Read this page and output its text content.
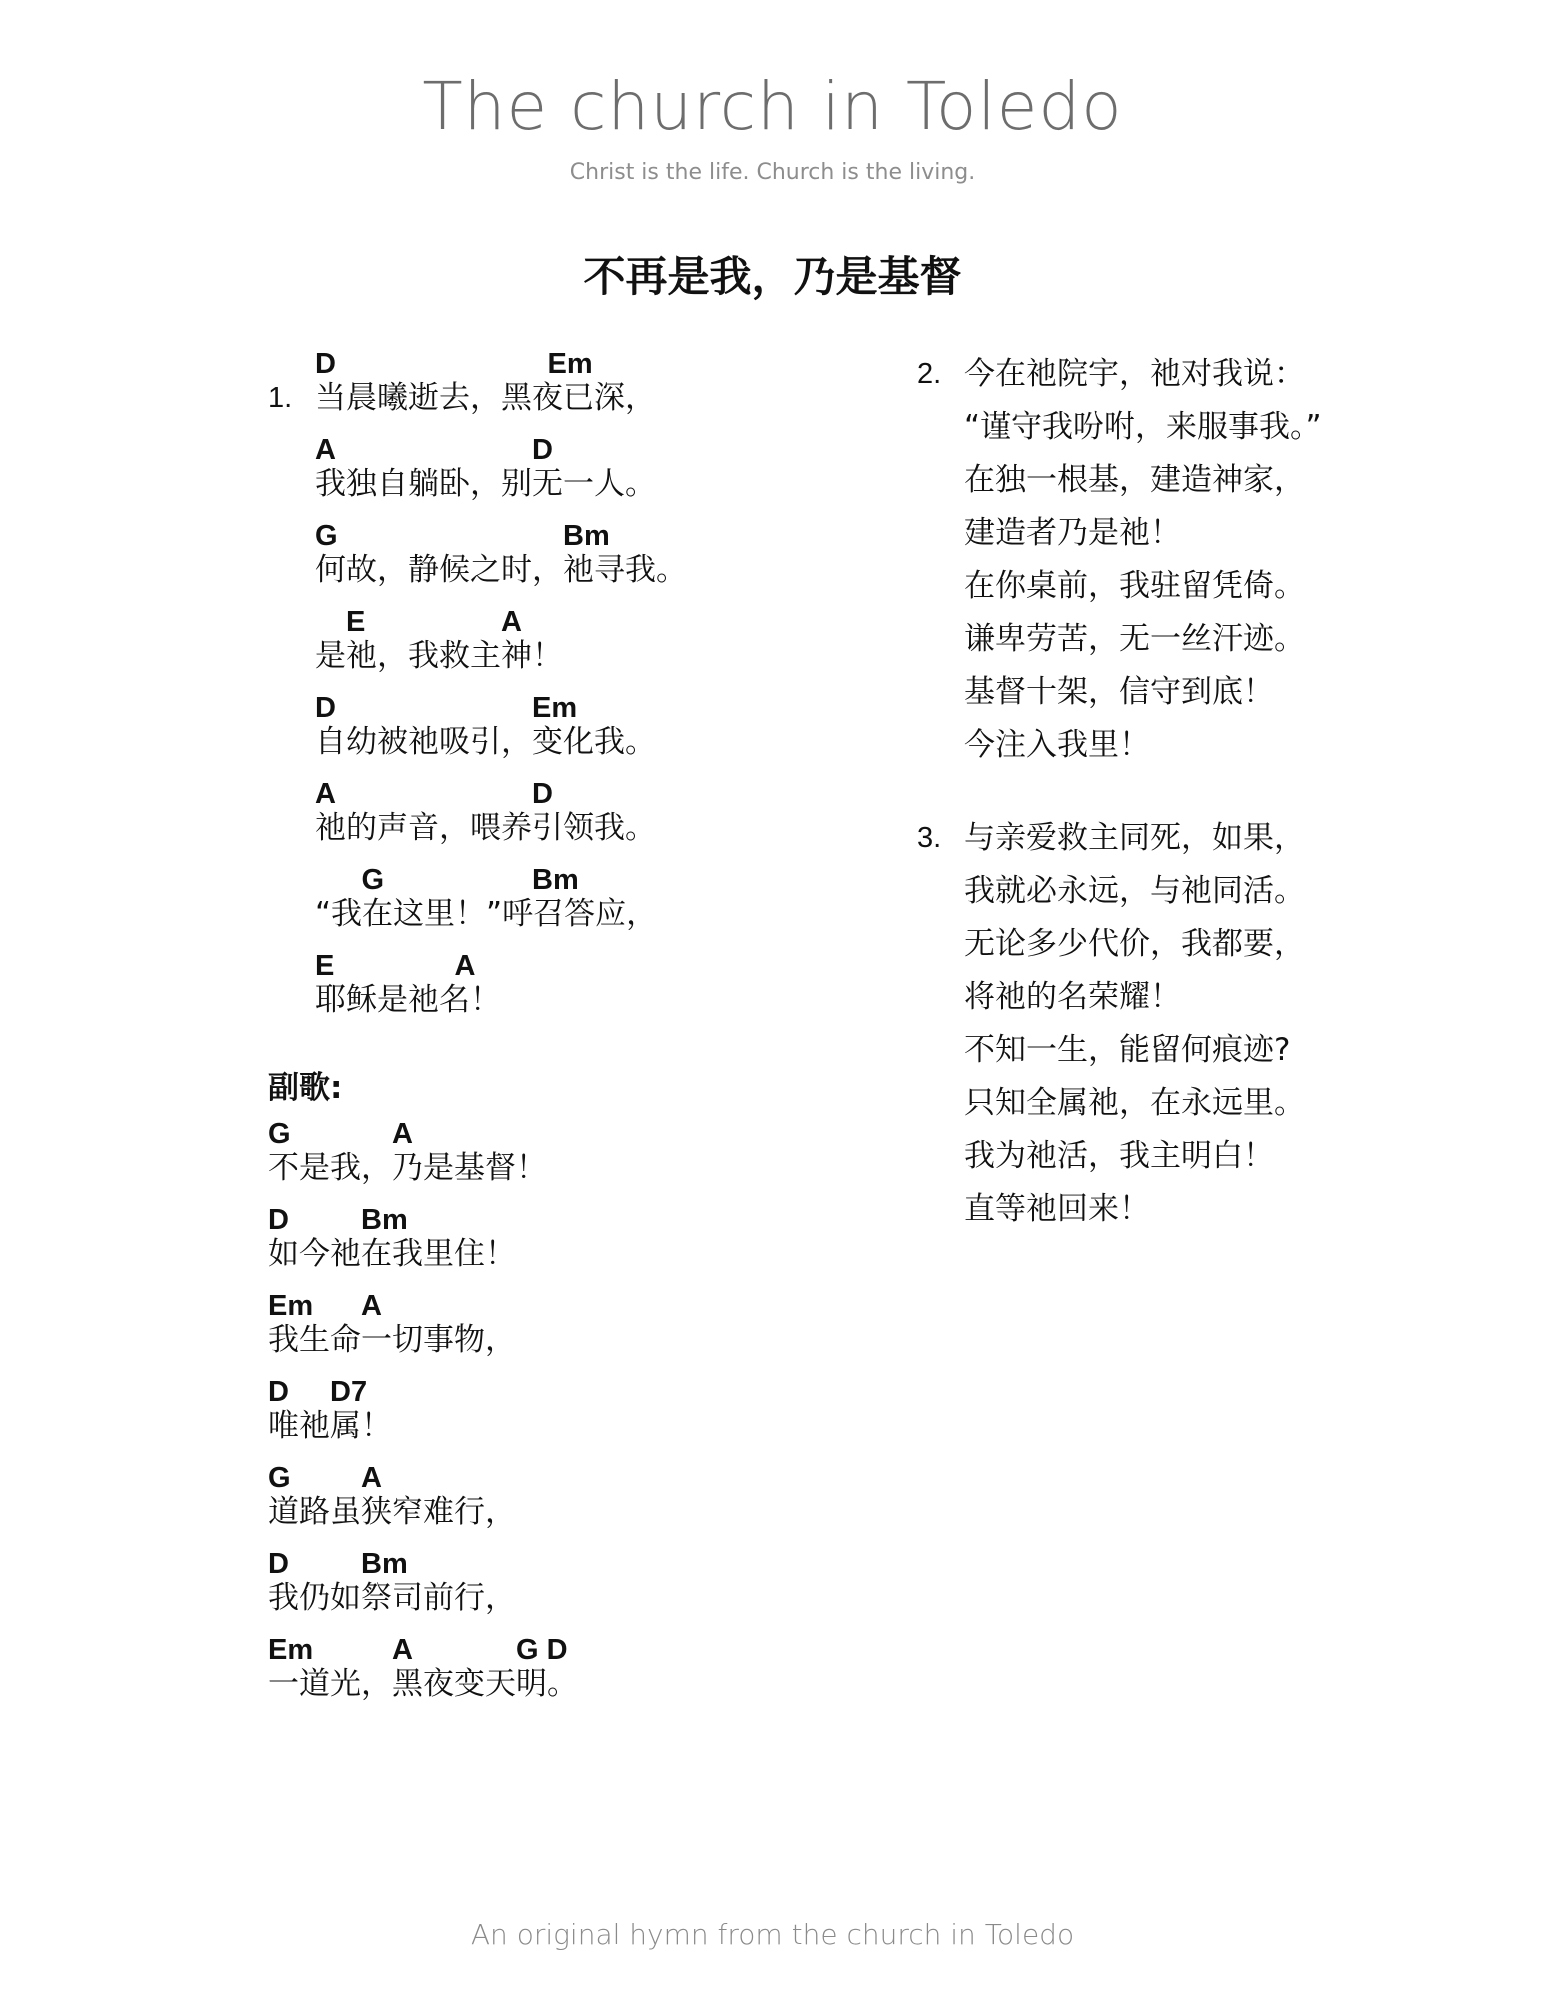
The church in Toledo
Christ is the life. Church is the living.
不再是我，乃是基督
1.
D	Em
当晨曦逝去，黑夜已深，
A	D
我独自躺卧，别无一人。
G	Bm
何故，静候之时，祂寻我。
E	A
是祂，我救主神！
D	Em
自幼被祂吸引，变化我。
A	D
祂的声音，喂养引领我。
G	Bm
“我在这里！”呼召答应，
E	A
耶稣是祂名！
副歌:
G	A
不是我，乃是基督！
D Bm
如今祂在我里住！
Em A
我生命一切事物，
D D7
唯祂属！
G A
道路虽狭窄难行，
D Bm
我仍如祭司前行，
Em	A	G D
一道光，黑夜变天明。
2. 今在祂院宇，祂对我说：
“谨守我吩咐，来服事我。”
在独一根基，建造神家，
建造者乃是祂！
在你桌前，我驻留凭倚。
谦卑劳苦，无一丝汗迹。
基督十架，信守到底！
今注入我里！
3. 与亲爱救主同死，如果，
我就必永远，与祂同活。
无论多少代价，我都要，
将祂的名荣耀！
不知一生，能留何痕迹?
只知全属祂，在永远里。
我为祂活，我主明白！
直等祂回来！
An original hymn from the church in Toledo
